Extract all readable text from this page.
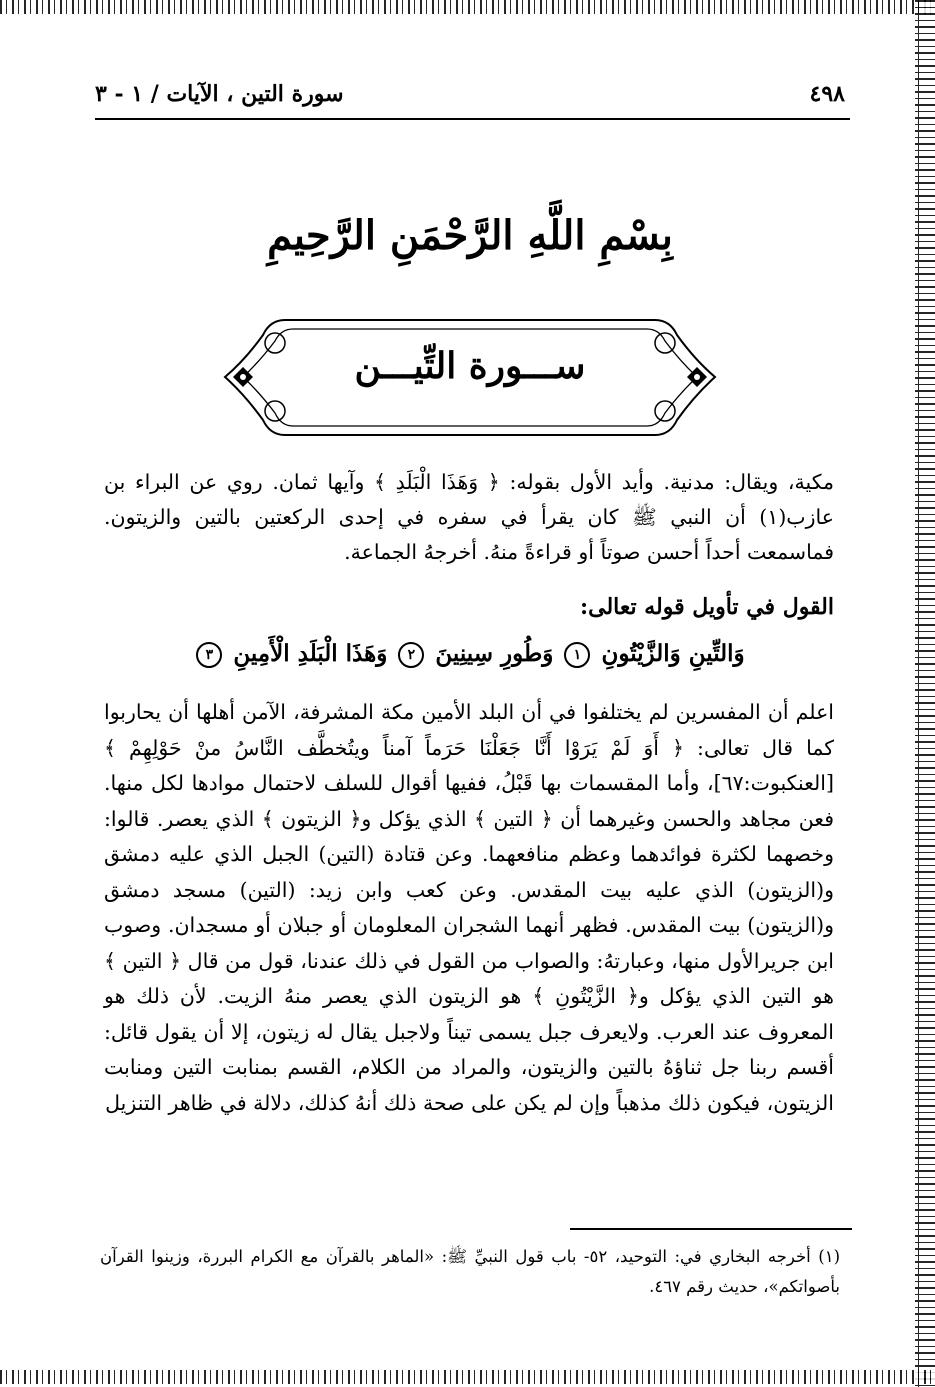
٤٩٨
سورة التين ، الآيات / ١ - ٣
بِسْمِ اللَّهِ الرَّحْمَنِ الرَّحِيمِ
ســـورة التِّيـــن

مكية، ويقال: مدنية. وأيد الأول بقوله: ﴿ وَهَذَا الْبَلَدِ ﴾ وآيها ثمان. روي عن البراء بن عازب(١) أن النبي ﷺ كان يقرأ في سفره في إحدى الركعتين بالتين والزيتون. فماسمعت أحداً أحسن صوتاً أو قراءةً منهُ. أخرجهُ الجماعة.

القول في تأويل قوله تعالى:
وَالتِّينِ وَالزَّيْتُونِ ١ وَطُورِ سِينِينَ ٢ وَهَذَا الْبَلَدِ الْأَمِينِ ٣

اعلم أن المفسرين لم يختلفوا في أن البلد الأمين مكة المشرفة، الآمن أهلها أن يحاربوا كما قال تعالى: ﴿ أَوَ لَمْ يَرَوْا أَنَّا جَعَلْنَا حَرَماً آمناً ويتُخطَّف النَّاسُ منْ حَوْلِهِمْ ﴾ [العنكبوت:٦٧]، وأما المقسمات بها قَبْلُ، ففيها أقوال للسلف لاحتمال موادها لكل منها. فعن مجاهد والحسن وغيرهما أن ﴿ التين ﴾ الذي يؤكل و﴿ الزيتون ﴾ الذي يعصر. قالوا: وخصهما لكثرة فوائدهما وعظم منافعهما. وعن قتادة (التين) الجبل الذي عليه دمشق و(الزيتون) الذي عليه بيت المقدس. وعن كعب وابن زيد: (التين) مسجد دمشق و(الزيتون) بيت المقدس. فظهر أنهما الشجران المعلومان أو جبلان أو مسجدان. وصوب ابن جريرالأول منها، وعبارتهُ: والصواب من القول في ذلك عندنا، قول من قال ﴿ التين ﴾ هو التين الذي يؤكل و﴿ الزَّيْتُونِ ﴾ هو الزيتون الذي يعصر منهُ الزيت. لأن ذلك هو المعروف عند العرب. ولايعرف جبل يسمى تيناً ولاجبل يقال له زيتون، إلا أن يقول قائل: أقسم ربنا جل ثناؤهُ بالتين والزيتون، والمراد من الكلام، القسم بمنابت التين ومنابت الزيتون، فيكون ذلك مذهباً وإن لم يكن على صحة ذلك أنهُ كذلك، دلالة في ظاهر التنزيل

(١) أخرجه البخاري في: التوحيد، ٥٢- باب قول النبيِّ ﷺ: «الماهر بالقرآن مع الكرام البررة، وزينوا القرآن بأصواتكم»، حديث رقم ٤٦٧.
